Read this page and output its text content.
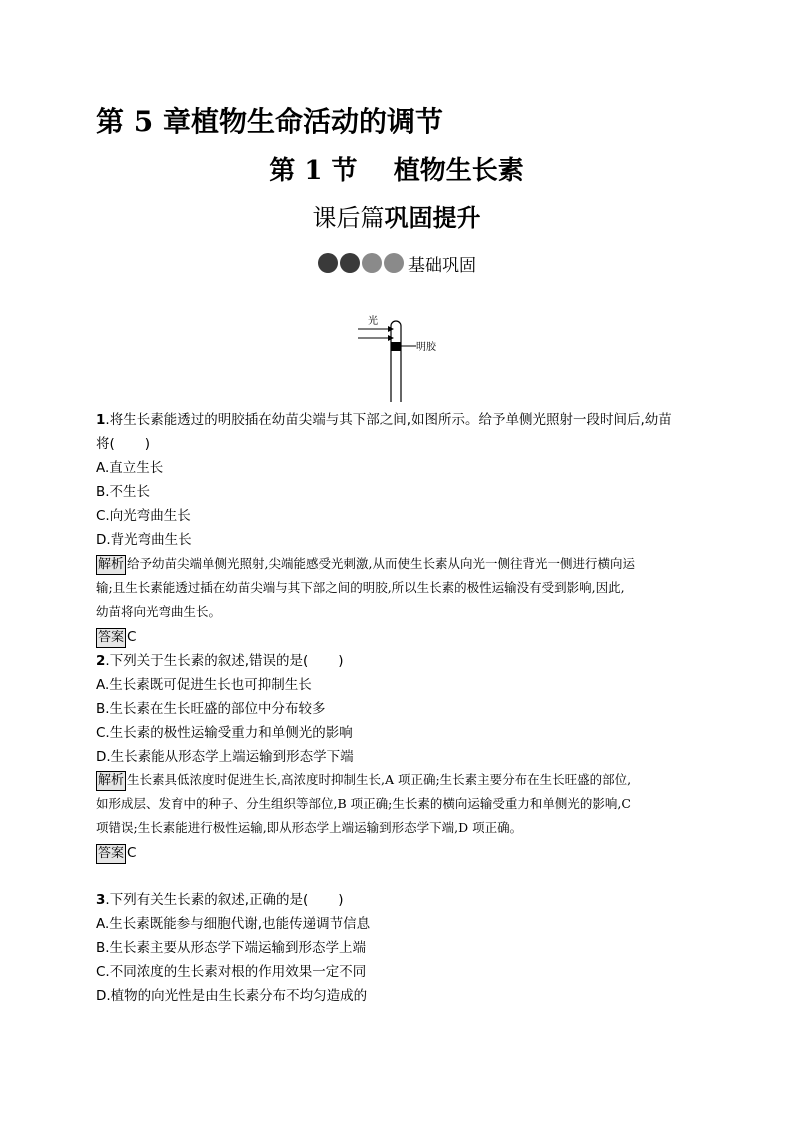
第 5 章植物生命活动的调节
第 1 节    植物生长素
课后篇巩固提升
基础巩固
光
明胶
1.将生长素能透过的明胶插在幼苗尖端与其下部之间,如图所示。给予单侧光照射一段时间后,幼苗
将(       )
A.直立生长
B.不生长
C.向光弯曲生长
D.背光弯曲生长
解析 给予幼苗尖端单侧光照射,尖端能感受光刺激,从而使生长素从向光一侧往背光一侧进行横向运
输;且生长素能透过插在幼苗尖端与其下部之间的明胶,所以生长素的极性运输没有受到影响,因此,
幼苗将向光弯曲生长。
答案 C
2.下列关于生长素的叙述,错误的是(       )
A.生长素既可促进生长也可抑制生长
B.生长素在生长旺盛的部位中分布较多
C.生长素的极性运输受重力和单侧光的影响
D.生长素能从形态学上端运输到形态学下端
解析 生长素具低浓度时促进生长,高浓度时抑制生长,A 项正确;生长素主要分布在生长旺盛的部位,
如形成层、发育中的种子、分生组织等部位,B 项正确;生长素的横向运输受重力和单侧光的影响,C
项错误;生长素能进行极性运输,即从形态学上端运输到形态学下端,D 项正确。
答案 C
3.下列有关生长素的叙述,正确的是(       )
A.生长素既能参与细胞代谢,也能传递调节信息
B.生长素主要从形态学下端运输到形态学上端
C.不同浓度的生长素对根的作用效果一定不同
D.植物的向光性是由生长素分布不均匀造成的
